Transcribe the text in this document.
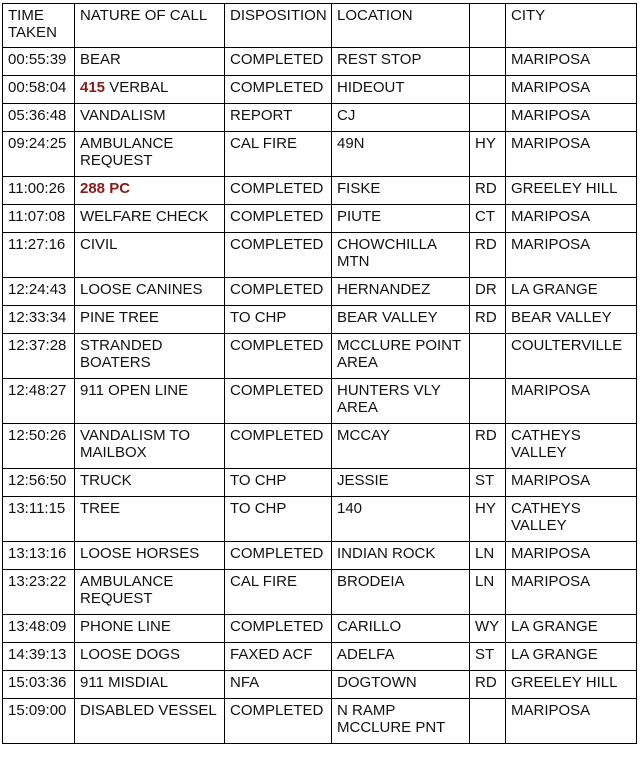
TIME TAKEN	NATURE OF CALL	DISPOSITION	LOCATION		CITY
00:55:39	BEAR	COMPLETED	REST STOP		MARIPOSA
00:58:04	415 VERBAL	COMPLETED	HIDEOUT		MARIPOSA
05:36:48	VANDALISM	REPORT	CJ		MARIPOSA
09:24:25	AMBULANCE REQUEST	CAL FIRE	49N	HY	MARIPOSA
11:00:26	288 PC	COMPLETED	FISKE	RD	GREELEY HILL
11:07:08	WELFARE CHECK	COMPLETED	PIUTE	CT	MARIPOSA
11:27:16	CIVIL	COMPLETED	CHOWCHILLA MTN	RD	MARIPOSA
12:24:43	LOOSE CANINES	COMPLETED	HERNANDEZ	DR	LA GRANGE
12:33:34	PINE TREE	TO CHP	BEAR VALLEY	RD	BEAR VALLEY
12:37:28	STRANDED BOATERS	COMPLETED	MCCLURE POINT AREA		COULTERVILLE
12:48:27	911 OPEN LINE	COMPLETED	HUNTERS VLY AREA		MARIPOSA
12:50:26	VANDALISM TO MAILBOX	COMPLETED	MCCAY	RD	CATHEYS VALLEY
12:56:50	TRUCK	TO CHP	JESSIE	ST	MARIPOSA
13:11:15	TREE	TO CHP	140	HY	CATHEYS VALLEY
13:13:16	LOOSE HORSES	COMPLETED	INDIAN ROCK	LN	MARIPOSA
13:23:22	AMBULANCE REQUEST	CAL FIRE	BRODEIA	LN	MARIPOSA
13:48:09	PHONE LINE	COMPLETED	CARILLO	WY	LA GRANGE
14:39:13	LOOSE DOGS	FAXED ACF	ADELFA	ST	LA GRANGE
15:03:36	911 MISDIAL	NFA	DOGTOWN	RD	GREELEY HILL
15:09:00	DISABLED VESSEL	COMPLETED	N RAMP MCCLURE PNT		MARIPOSA
